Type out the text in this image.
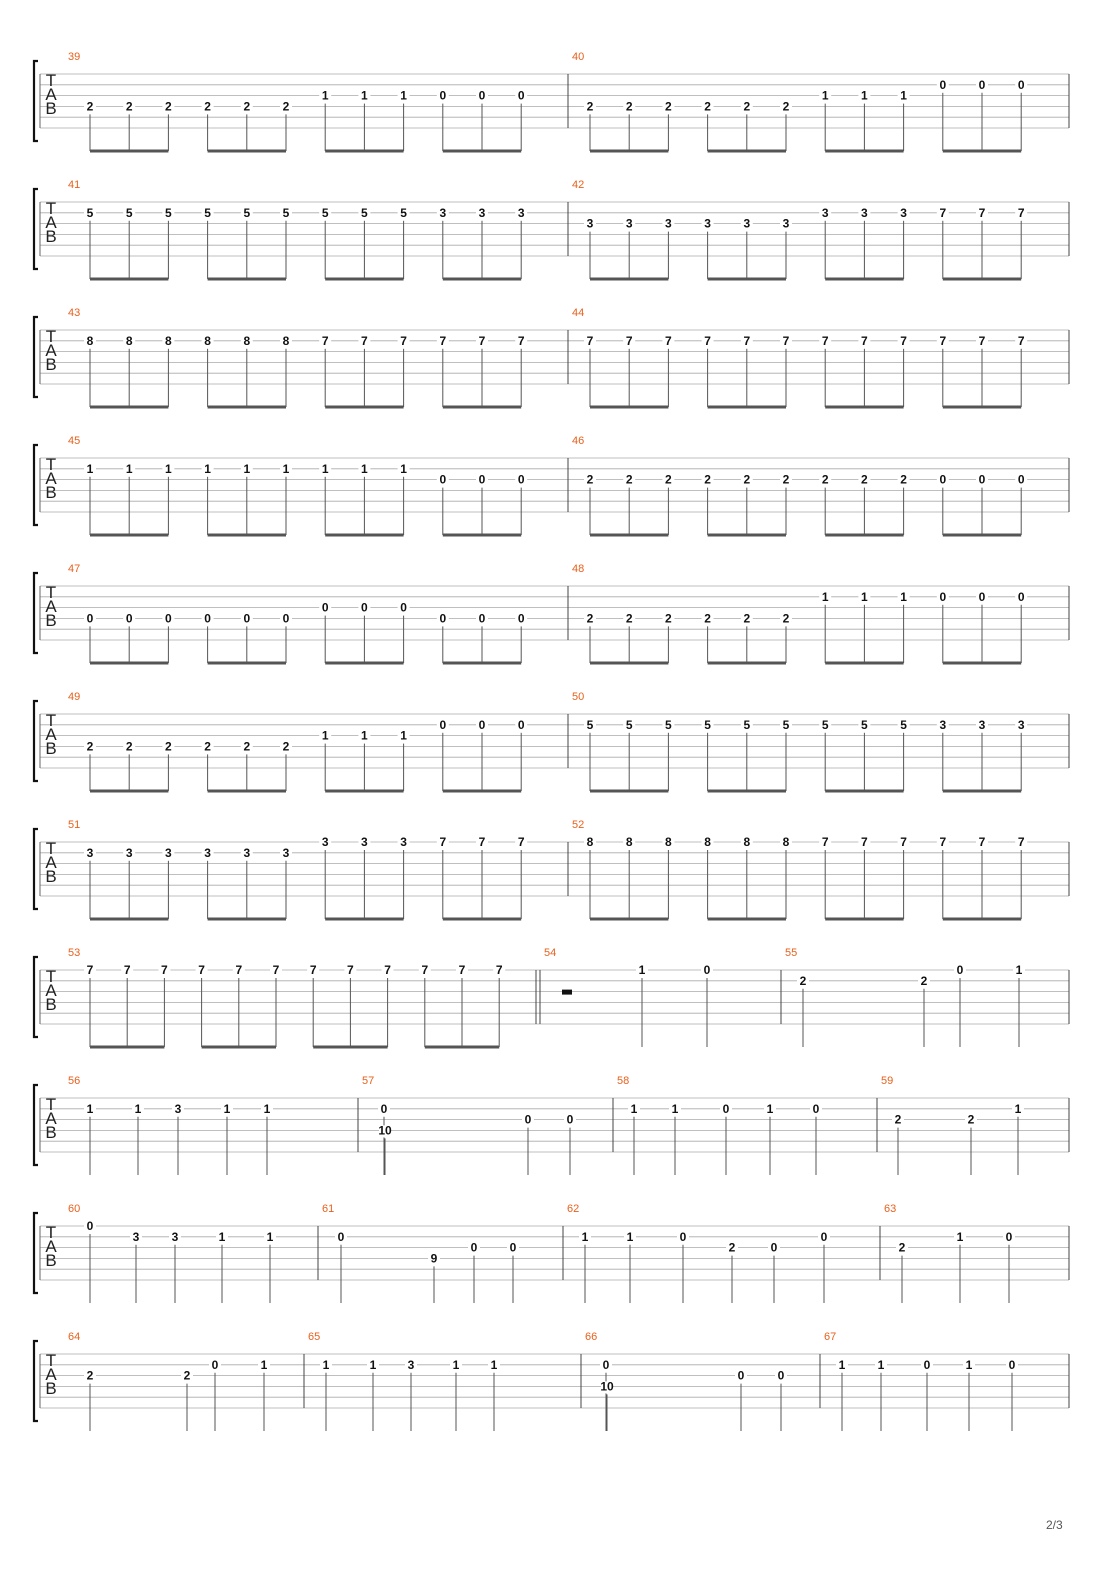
T
A
B
39
2	2	2	2	2	2
1	1	1	0	0	0
40
2	2	2	2	2	2
1	1	1
0	0	0
T
A
B
41
5	5	5	5	5	5	5	5	5	3	3	3
42
3	3	3	3	3	3
3	3	3	7	7	7
T
A
B
43
8	8	8	8	8	8	7	7	7	7	7	7
44
7	7	7	7	7	7	7	7	7	7	7	7
T
A
B
45
1	1	1	1	1	1	1	1	1
0	0	0
46
2	2	2	2	2	2	2	2	2	0	0	0
T
A
B
47
0	0	0	0	0	0
0	0	0
0	0	0
48
2	2	2	2	2	2
1	1	1	0	0	0
T
A
B
49
2	2	2	2	2	2
1	1	1
0	0	0
50
5	5	5	5	5	5	5	5	5	3	3	3
T
A
B
51
3	3	3	3	3	3
3	3	3	7	7	7
52
8	8	8	8	8	8	7	7	7	7	7	7
T
A
B
53
7	7	7	7	7	7	7	7	7	7	7	7
54
1	0
55
2	2
0	1
T
A
B
56
1	1	3	1	1
57
0
10
0	0
58
1	1	0	1	0
59
2	2
1
T
A
B
60
0
3	3	1	1
61
0
9
0	0
62
1	1	0
2	0
0
63
2
1	0
T
A
B
64
2	2
0	1
65
1	1	3	1	1
66
0
10
0	0
67
1	1	0	1	0
2/3
